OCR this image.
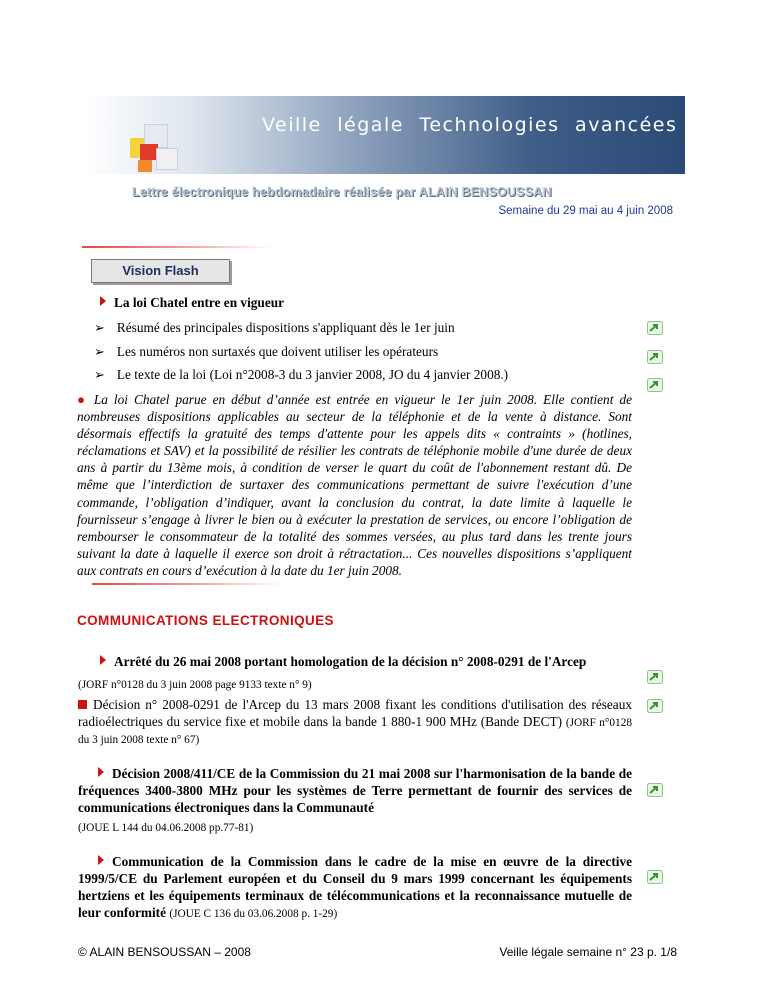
Veille légale Technologies avancées
Lettre électronique hebdomadaire réalisée par ALAIN BENSOUSSAN
Semaine du 29 mai au 4 juin 2008
Vision Flash
La loi Chatel entre en vigueur
➢ Résumé des principales dispositions s'appliquant dès le 1er juin
➢ Les numéros non surtaxés que doivent utiliser les opérateurs
➢ Le texte de la loi (Loi n°2008-3 du 3 janvier 2008, JO du 4 janvier 2008.)
● La loi Chatel parue en début d’année est entrée en vigueur le 1er juin 2008. Elle contient de nombreuses dispositions applicables au secteur de la téléphonie et de la vente à distance. Sont désormais effectifs la gratuité des temps d'attente pour les appels dits « contraints » (hotlines, réclamations et SAV) et la possibilité de résilier les contrats de téléphonie mobile d'une durée de deux ans à partir du 13ème mois, à condition de verser le quart du coût de l'abonnement restant dû. De même que l’interdiction de surtaxer des communications permettant de suivre l'exécution d’une commande, l’obligation d’indiquer, avant la conclusion du contrat, la date limite à laquelle le fournisseur s’engage à livrer le bien ou à exécuter la prestation de services, ou encore l’obligation de rembourser le consommateur de la totalité des sommes versées, au plus tard dans les trente jours suivant la date à laquelle il exerce son droit à rétractation... Ces nouvelles dispositions s’appliquent aux contrats en cours d’exécution à la date du 1er juin 2008.
COMMUNICATIONS ELECTRONIQUES
Arrêté du 26 mai 2008 portant homologation de la décision n° 2008-0291 de l'Arcep
(JORF n°0128 du 3 juin 2008 page 9133 texte n° 9)
Décision n° 2008-0291 de l'Arcep du 13 mars 2008 fixant les conditions d'utilisation des réseaux radioélectriques du service fixe et mobile dans la bande 1 880-1 900 MHz (Bande DECT) (JORF n°0128 du 3 juin 2008 texte n° 67)
Décision 2008/411/CE de la Commission du 21 mai 2008 sur l'harmonisation de la bande de fréquences 3400-3800 MHz pour les systèmes de Terre permettant de fournir des services de communications électroniques dans la Communauté
(JOUE L 144 du 04.06.2008 pp.77-81)
Communication de la Commission dans le cadre de la mise en œuvre de la directive 1999/5/CE du Parlement européen et du Conseil du 9 mars 1999 concernant les équipements hertziens et les équipements terminaux de télécommunications et la reconnaissance mutuelle de leur conformité (JOUE C 136 du 03.06.2008 p. 1-29)
© ALAIN BENSOUSSAN – 2008	Veille légale semaine n° 23 p. 1/8
